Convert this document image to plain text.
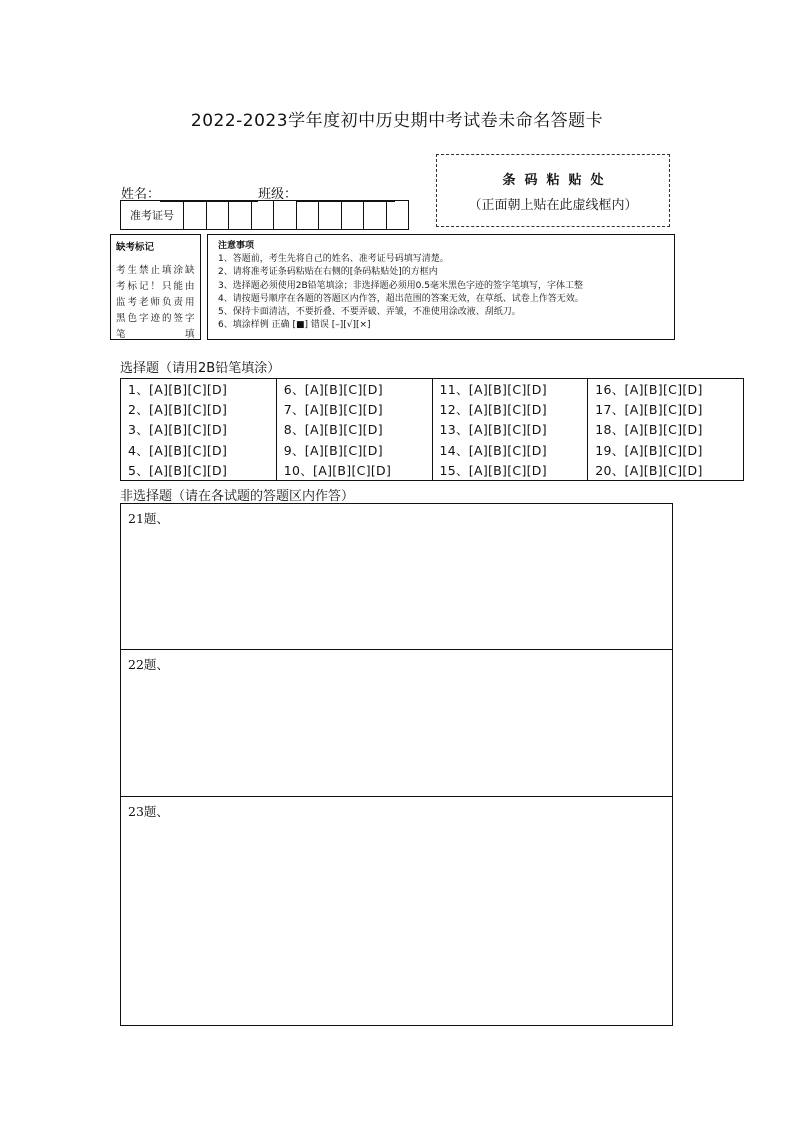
2022-2023学年度初中历史期中考试卷未命名答题卡
姓名：	班级：
准考证号
条码粘贴处
（正面朝上贴在此虚线框内）
缺考标记
考生禁止填涂缺考标记！只能由监考老师负责用黑色字迹的签字笔填
注意事项
1、答题前，考生先将自己的姓名、准考证号码填写清楚。
2、请将准考证条码粘贴在右侧的[条码粘贴处]的方框内
3、选择题必须使用2B铅笔填涂；非选择题必须用0.5毫米黑色字迹的签字笔填写，字体工整
4、请按题号顺序在各题的答题区内作答，超出范围的答案无效，在草纸、试卷上作答无效。
5、保持卡面清洁，不要折叠、不要弄破、弄皱，不准使用涂改液、刮纸刀。
6、填涂样例 正确 [■] 错误 [–][√][×]
选择题（请用2B铅笔填涂）
1、[A][B][C][D]
2、[A][B][C][D]
3、[A][B][C][D]
4、[A][B][C][D]
5、[A][B][C][D]
6、[A][B][C][D]
7、[A][B][C][D]
8、[A][B][C][D]
9、[A][B][C][D]
10、[A][B][C][D]
11、[A][B][C][D]
12、[A][B][C][D]
13、[A][B][C][D]
14、[A][B][C][D]
15、[A][B][C][D]
16、[A][B][C][D]
17、[A][B][C][D]
18、[A][B][C][D]
19、[A][B][C][D]
20、[A][B][C][D]
非选择题（请在各试题的答题区内作答）
21题、
22题、
23题、
